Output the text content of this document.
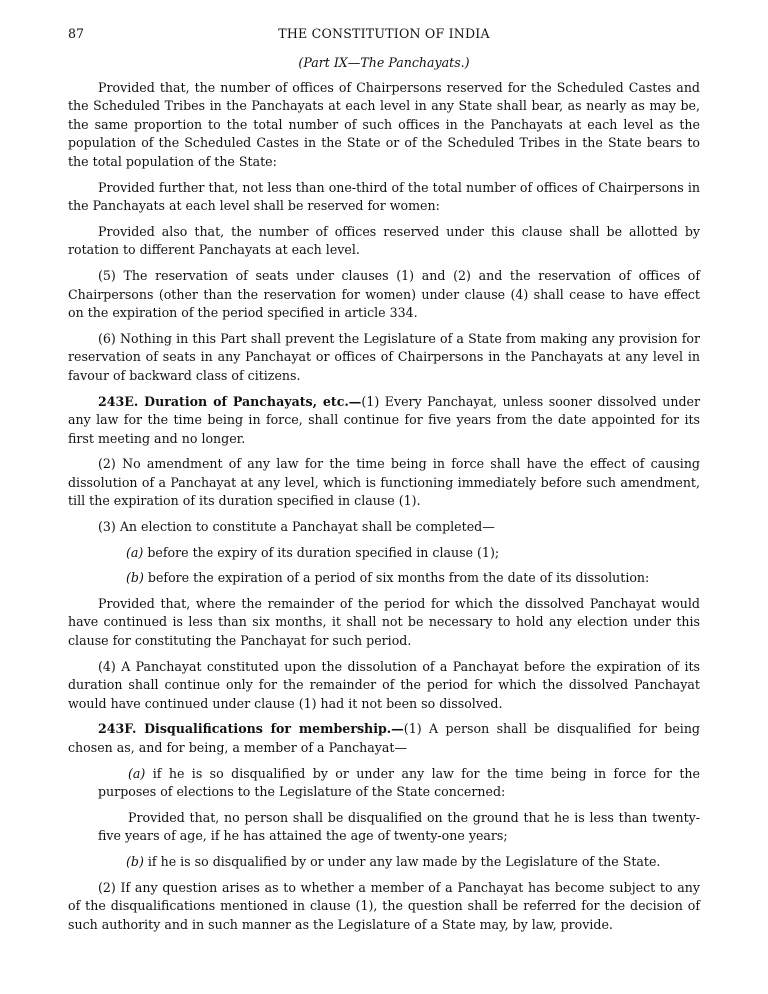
87	THE CONSTITUTION OF INDIA
(Part IX—The Panchayats.)

Provided that, the number of offices of Chairpersons reserved for the Scheduled Castes and the Scheduled Tribes in the Panchayats at each level in any State shall bear, as nearly as may be, the same proportion to the total number of such offices in the Panchayats at each level as the population of the Scheduled Castes in the State or of the Scheduled Tribes in the State bears to the total population of the State:

Provided further that, not less than one-third of the total number of offices of Chairpersons in the Panchayats at each level shall be reserved for women:

Provided also that, the number of offices reserved under this clause shall be allotted by rotation to different Panchayats at each level.

(5) The reservation of seats under clauses (1) and (2) and the reservation of offices of Chairpersons (other than the reservation for women) under clause (4) shall cease to have effect on the expiration of the period specified in article 334.

(6) Nothing in this Part shall prevent the Legislature of a State from making any provision for reservation of seats in any Panchayat or offices of Chairpersons in the Panchayats at any level in favour of backward class of citizens.

243E. Duration of Panchayats, etc.—(1) Every Panchayat, unless sooner dissolved under any law for the time being in force, shall continue for five years from the date appointed for its first meeting and no longer.

(2) No amendment of any law for the time being in force shall have the effect of causing dissolution of a Panchayat at any level, which is functioning immediately before such amendment, till the expiration of its duration specified in clause (1).

(3) An election to constitute a Panchayat shall be completed—

(a) before the expiry of its duration specified in clause (1);

(b) before the expiration of a period of six months from the date of its dissolution:

Provided that, where the remainder of the period for which the dissolved Panchayat would have continued is less than six months, it shall not be necessary to hold any election under this clause for constituting the Panchayat for such period.

(4) A Panchayat constituted upon the dissolution of a Panchayat before the expiration of its duration shall continue only for the remainder of the period for which the dissolved Panchayat would have continued under clause (1) had it not been so dissolved.

243F. Disqualifications for membership.—(1) A person shall be disqualified for being chosen as, and for being, a member of a Panchayat—

(a) if he is so disqualified by or under any law for the time being in force for the purposes of elections to the Legislature of the State concerned:

Provided that, no person shall be disqualified on the ground that he is less than twenty-five years of age, if he has attained the age of twenty-one years;

(b) if he is so disqualified by or under any law made by the Legislature of the State.

(2) If any question arises as to whether a member of a Panchayat has become subject to any of the disqualifications mentioned in clause (1), the question shall be referred for the decision of such authority and in such manner as the Legislature of a State may, by law, provide.
